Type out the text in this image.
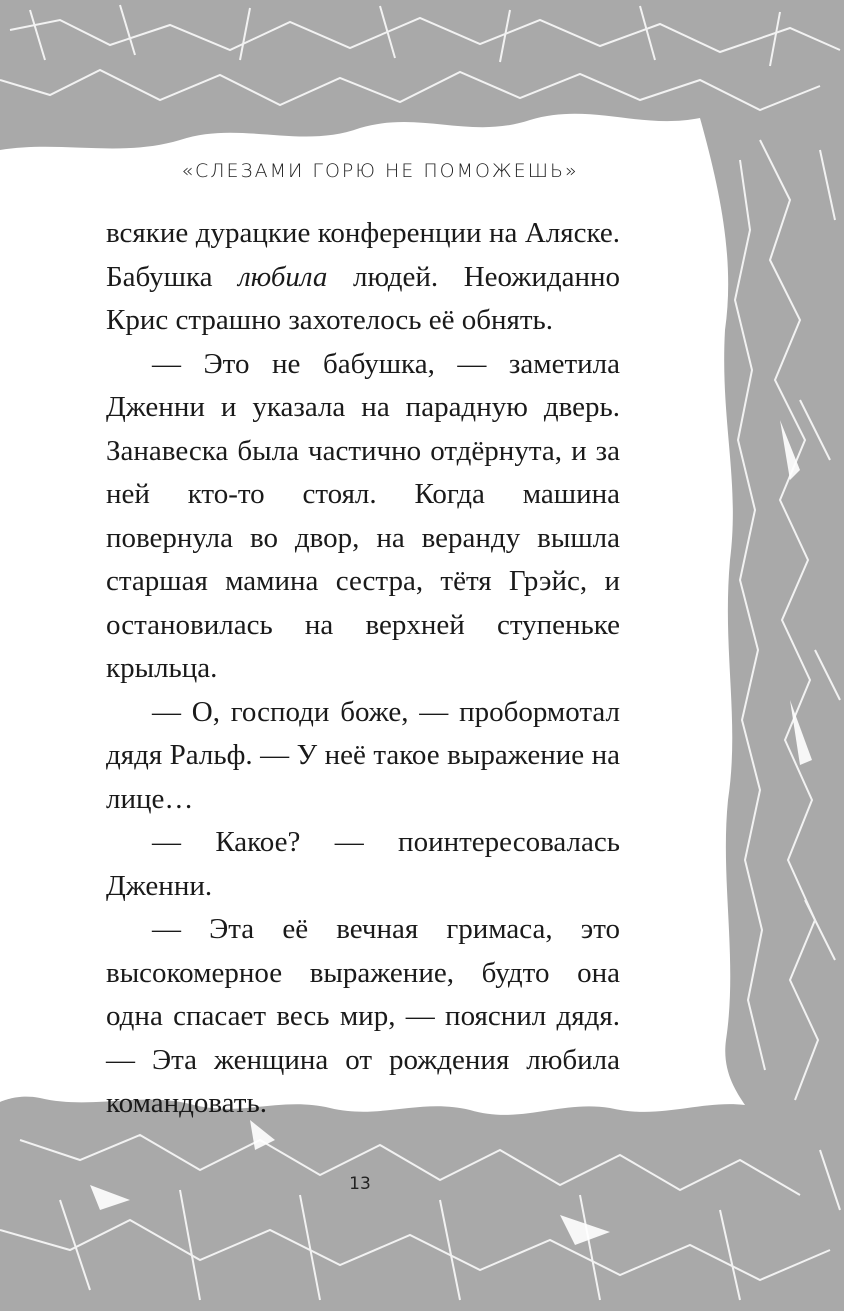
«СЛЕЗАМИ ГОРЮ НЕ ПОМОЖЕШЬ»

всякие дурацкие конференции на Аляске. Бабушка любила людей. Неожиданно Крис страшно захотелось её обнять.

— Это не бабушка, — заметила Дженни и указала на парадную дверь. Занавеска была частично отдёрнута, и за ней кто-то стоял. Когда машина повернула во двор, на веранду вышла старшая мамина сестра, тётя Грэйс, и остановилась на верхней ступеньке крыльца.

— О, господи боже, — пробормотал дядя Ральф. — У неё такое выражение на лице…

— Какое? — поинтересовалась Дженни.

— Эта её вечная гримаса, это высокомерное выражение, будто она одна спасает весь мир, — пояснил дядя. — Эта женщина от рождения любила командовать.

13
